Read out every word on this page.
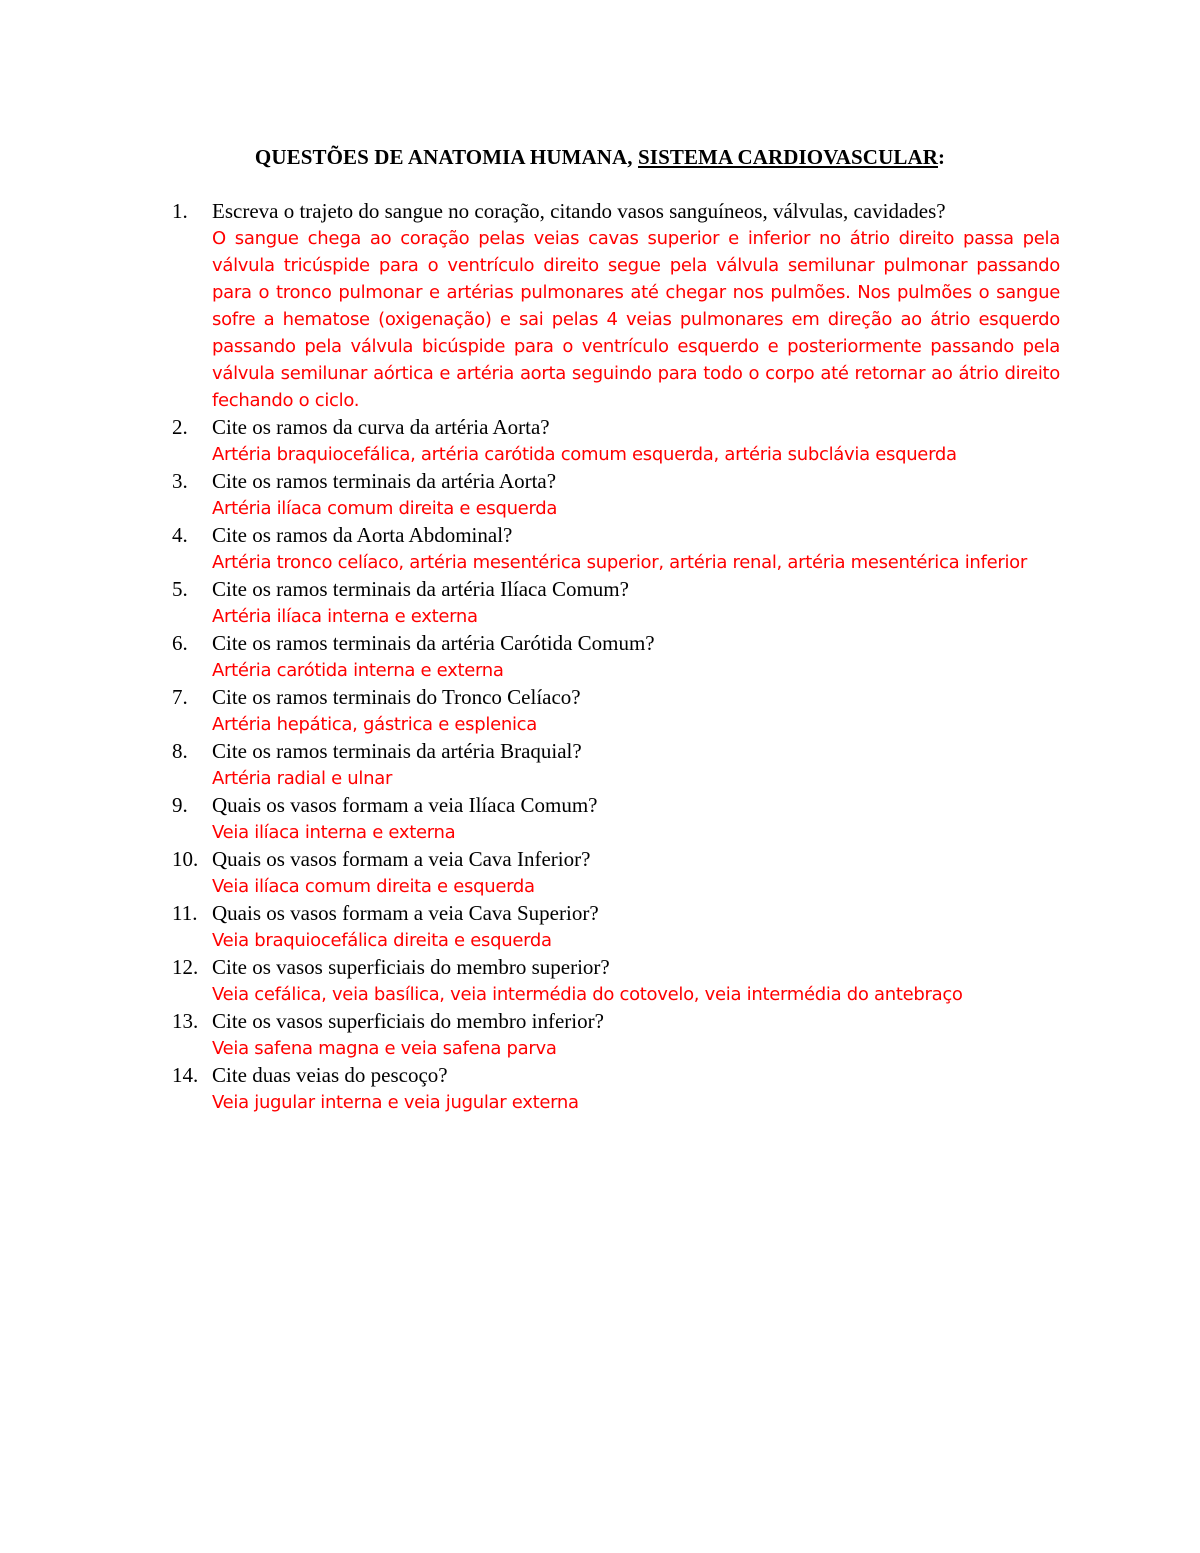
QUESTÕES DE ANATOMIA HUMANA, SISTEMA CARDIOVASCULAR:
1.	Escreva o trajeto do sangue no coração, citando vasos sanguíneos, válvulas, cavidades?
O sangue chega ao coração pelas veias cavas superior e inferior no átrio direito passa pela válvula tricúspide para o ventrículo direito segue pela válvula semilunar pulmonar passando para o tronco pulmonar e artérias pulmonares até chegar nos pulmões. Nos pulmões o sangue sofre a hematose (oxigenação) e sai pelas 4 veias pulmonares em direção ao átrio esquerdo passando pela válvula bicúspide para o ventrículo esquerdo e posteriormente passando pela válvula semilunar aórtica e artéria aorta seguindo para todo o corpo até retornar ao átrio direito fechando o ciclo.
2.	Cite os ramos da curva da artéria Aorta?
Artéria braquiocefálica, artéria carótida comum esquerda, artéria subclávia esquerda
3.	Cite os ramos terminais da artéria Aorta?
Artéria ilíaca comum direita e esquerda
4.	Cite os ramos da Aorta Abdominal?
Artéria tronco celíaco, artéria mesentérica superior, artéria renal, artéria mesentérica inferior
5.	Cite os ramos terminais da artéria Ilíaca Comum?
Artéria ilíaca interna e externa
6.	Cite os ramos terminais da artéria Carótida Comum?
Artéria carótida interna e externa
7.	Cite os ramos terminais do Tronco Celíaco?
Artéria hepática, gástrica e esplenica
8.	Cite os ramos terminais da artéria Braquial?
Artéria radial e ulnar
9.	Quais os vasos formam a veia Ilíaca Comum?
Veia ilíaca interna e externa
10. Quais os vasos formam a veia Cava Inferior?
Veia ilíaca comum direita e esquerda
11. Quais os vasos formam a veia Cava Superior?
Veia braquiocefálica direita e esquerda
12. Cite os vasos superficiais do membro superior?
Veia cefálica, veia basílica, veia intermédia do cotovelo, veia intermédia do antebraço
13. Cite os vasos superficiais do membro inferior?
Veia safena magna e veia safena parva
14. Cite duas veias do pescoço?
Veia jugular interna e veia jugular externa
